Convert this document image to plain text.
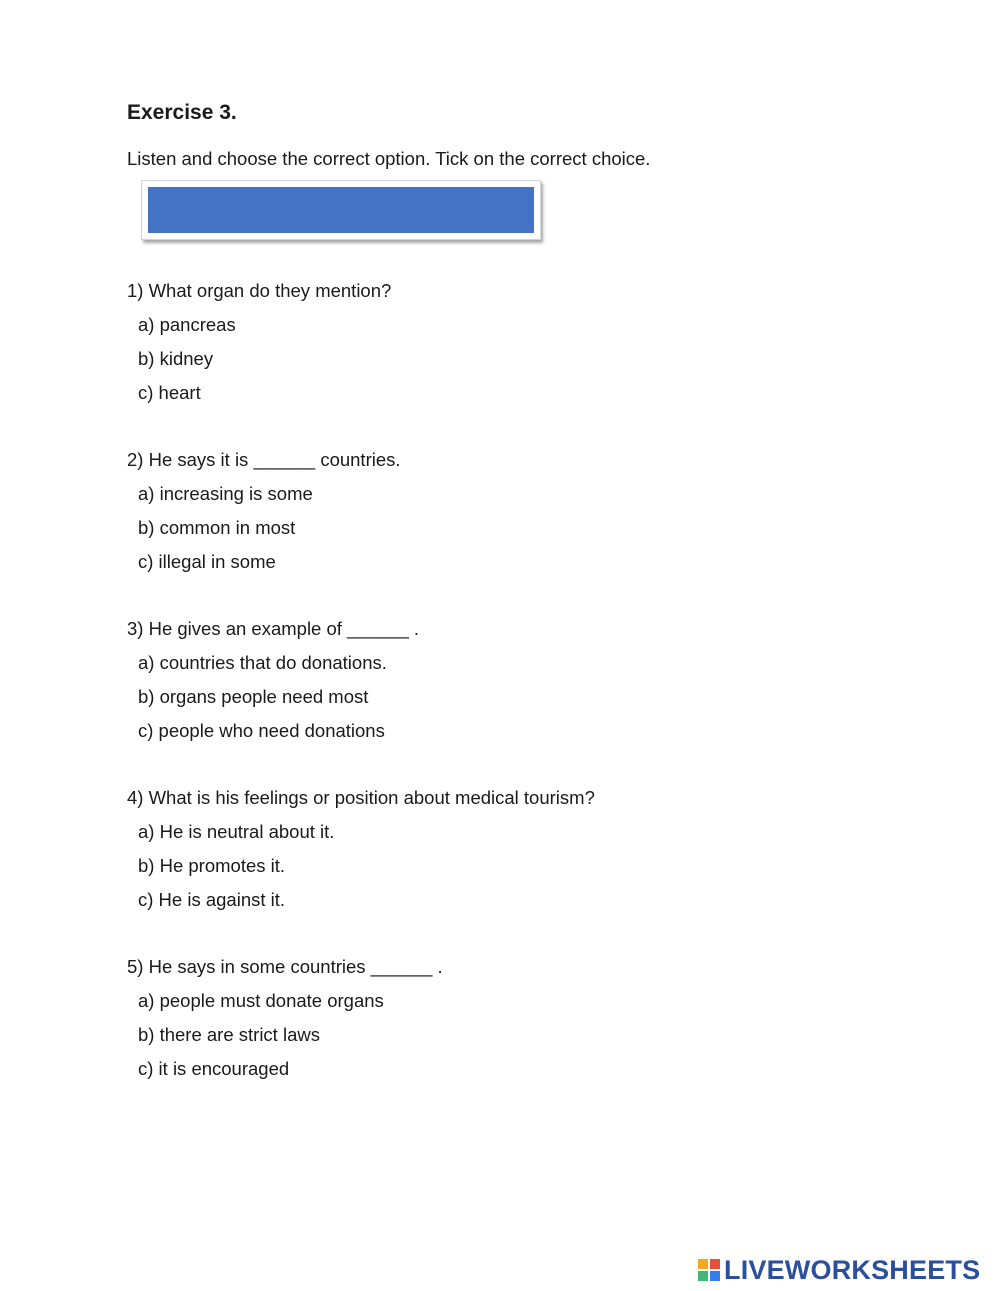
Exercise 3.

Listen and choose the correct option. Tick on the correct choice.

1) What organ do they mention?

a) pancreas

b) kidney

c) heart

2) He says it is ______ countries.

a) increasing is some

b) common in most

c) illegal in some

3) He gives an example of ______ .

a) countries that do donations.

b) organs people need most

c) people who need donations

4) What is his feelings or position about medical tourism?

a) He is neutral about it.

b) He promotes it.

c) He is against it.

5) He says in some countries ______ .

a) people must donate organs

b) there are strict laws

c) it is encouraged

LIVEWORKSHEETS
